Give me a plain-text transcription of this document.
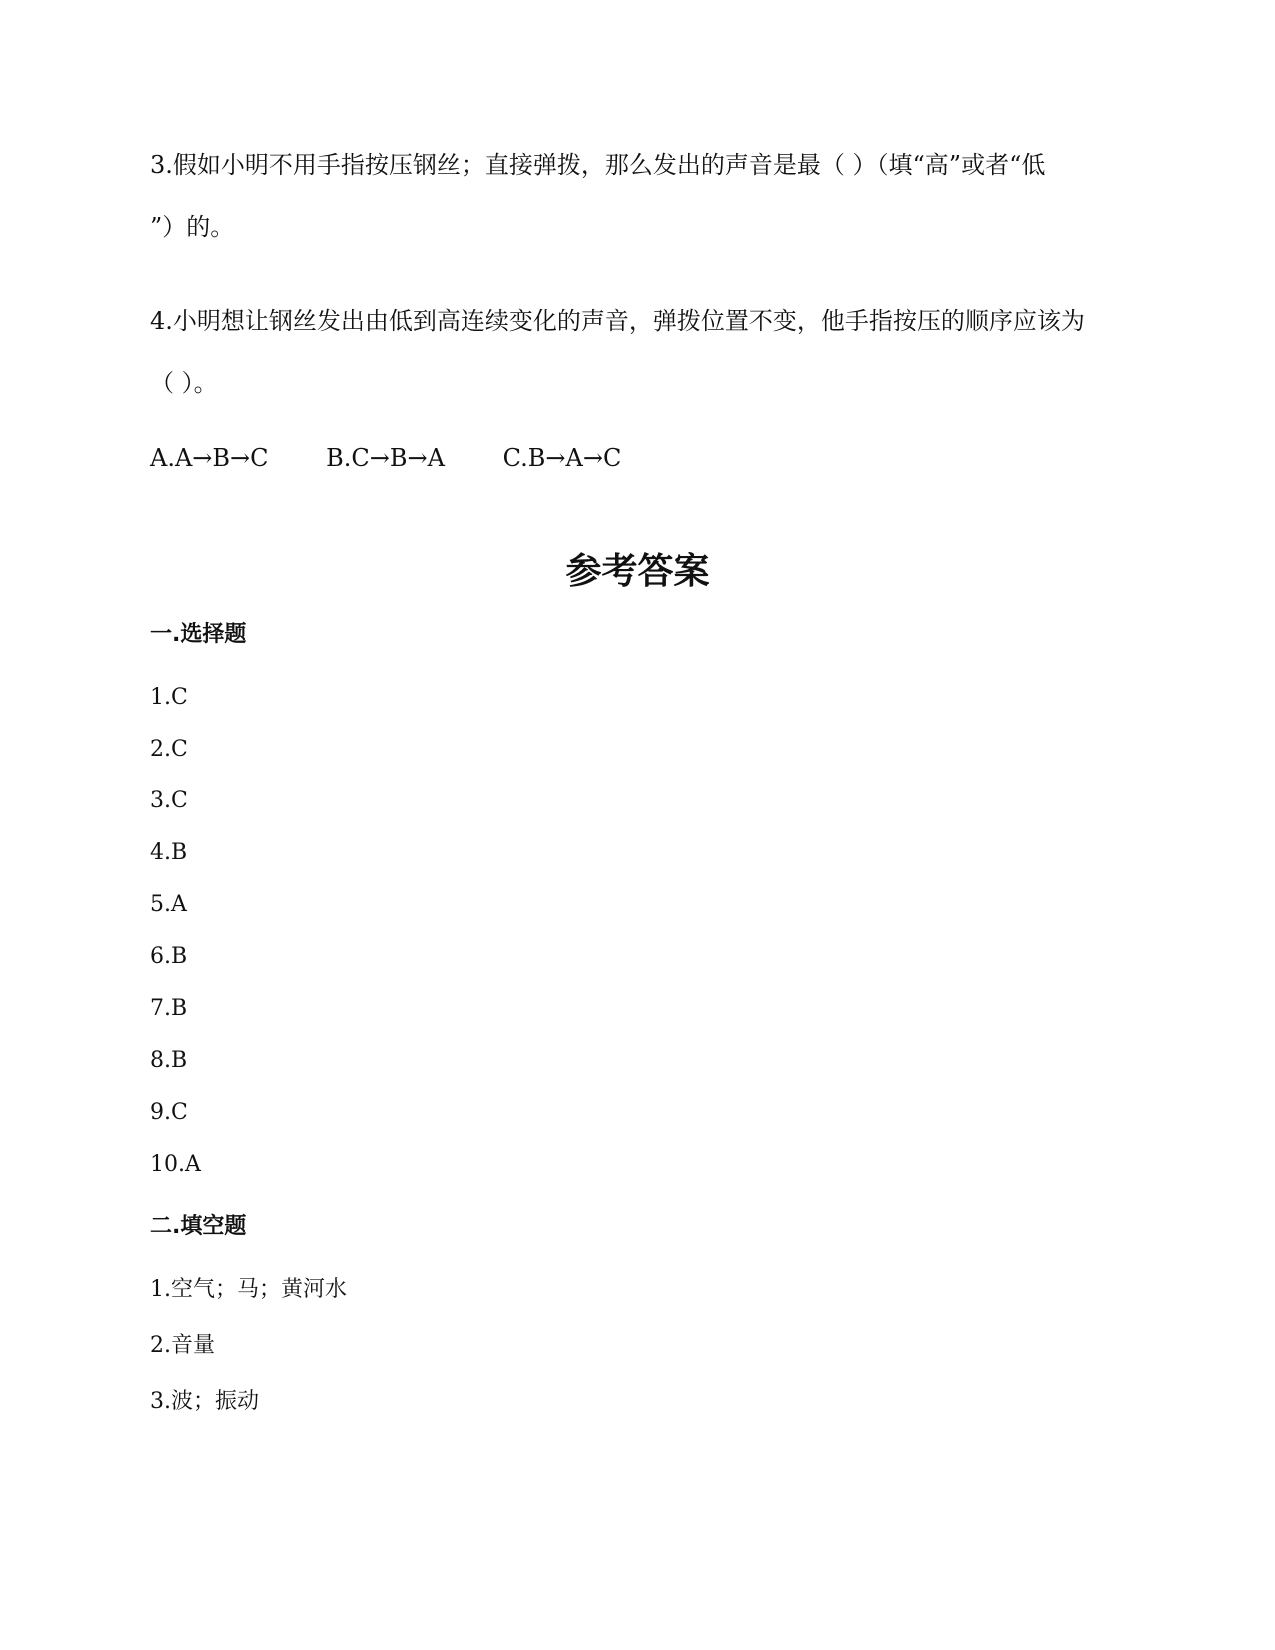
3.假如小明不用手指按压钢丝；直接弹拨，那么发出的声音是最（ ）（填“高”或者“低
”）的。
4.小明想让钢丝发出由低到高连续变化的声音，弹拨位置不变，他手指按压的顺序应该为
（ ）。
A.A→B→C B.C→B→A C.B→A→C
参考答案
一.选择题
1.C
2.C
3.C
4.B
5.A
6.B
7.B
8.B
9.C
10.A
二.填空题
1.空气；马；黄河水
2.音量
3.波；振动
